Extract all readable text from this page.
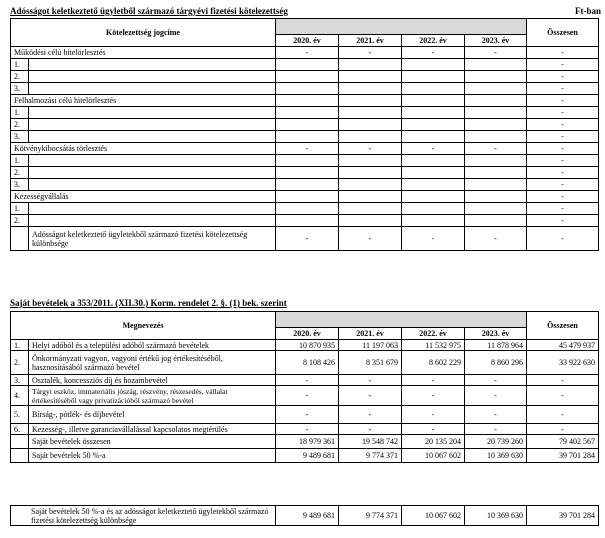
Adósságot keletkeztető ügyletből származó tárgyévi fizetési kötelezettség	Ft-ban
Kötelezettség jogcíme						Összesen
		2020. év	2021. év	2022. év	2023. év	
Működési célú hitelörlesztés		-	-	-	-	-
1.						-
2.						-
3.						-
Felhalmozási célú hitelörlesztés						-
1.						-
2.						-
3.						-
Kötvénykibocsátás törlesztés		-	-	-	-	-
1.						-
2.						-
3.						-
Kezességvállalás						-
1.						-
2.						-
	Adósságot keletkeztető ügyletekből származó fizetési kötelezettség különbsége	-	-	-	-	-
Saját bevételek a 353/2011. (XII.30.) Korm. rendelet 2. §. (1) bek. szerint
Megnevezés						Összesen
		2020. év	2021. év	2022. év	2023. év	
1.	Helyi adóból és a települési adóból származó bevételek	10 870 935	11 197 063	11 532 975	11 878 964	45 479 937
2.	Önkormányzati vagyon, vagyoni értékű jog értékesítéséből, hasznosításából származó bevétel	8 108 426	8 351 679	8 602 229	8 860 296	33 922 630
3.	Osztalék, koncessziós díj és hozambevétel	-	-	-	-	-
4.	Tárgyi eszköz, immateriális jószág, részvény, részesedés, vállalat értékesítéséből vagy privatizációból származó bevétel	-	-	-	-	-
5.	Bírság-, pótlék- és díjbevétel	-	-	-	-	-
6.	Kezesség-, illetve garanciavállalással kapcsolatos megtérülés	-	-	-	-	-
	Saját bevételek összesen	18 979 361	19 548 742	20 135 204	20 739 260	79 402 567
	Saját bevételek 50 %-a	9 489 681	9 774 371	10 067 602	10 369 630	39 701 284
Saját bevételek 50 %-a és az adósságot keletkeztető ügyletekből származó fizetési kötelezettség különbsége	9 489 681	9 774 371	10 067 602	10 369 630	39 701 284
